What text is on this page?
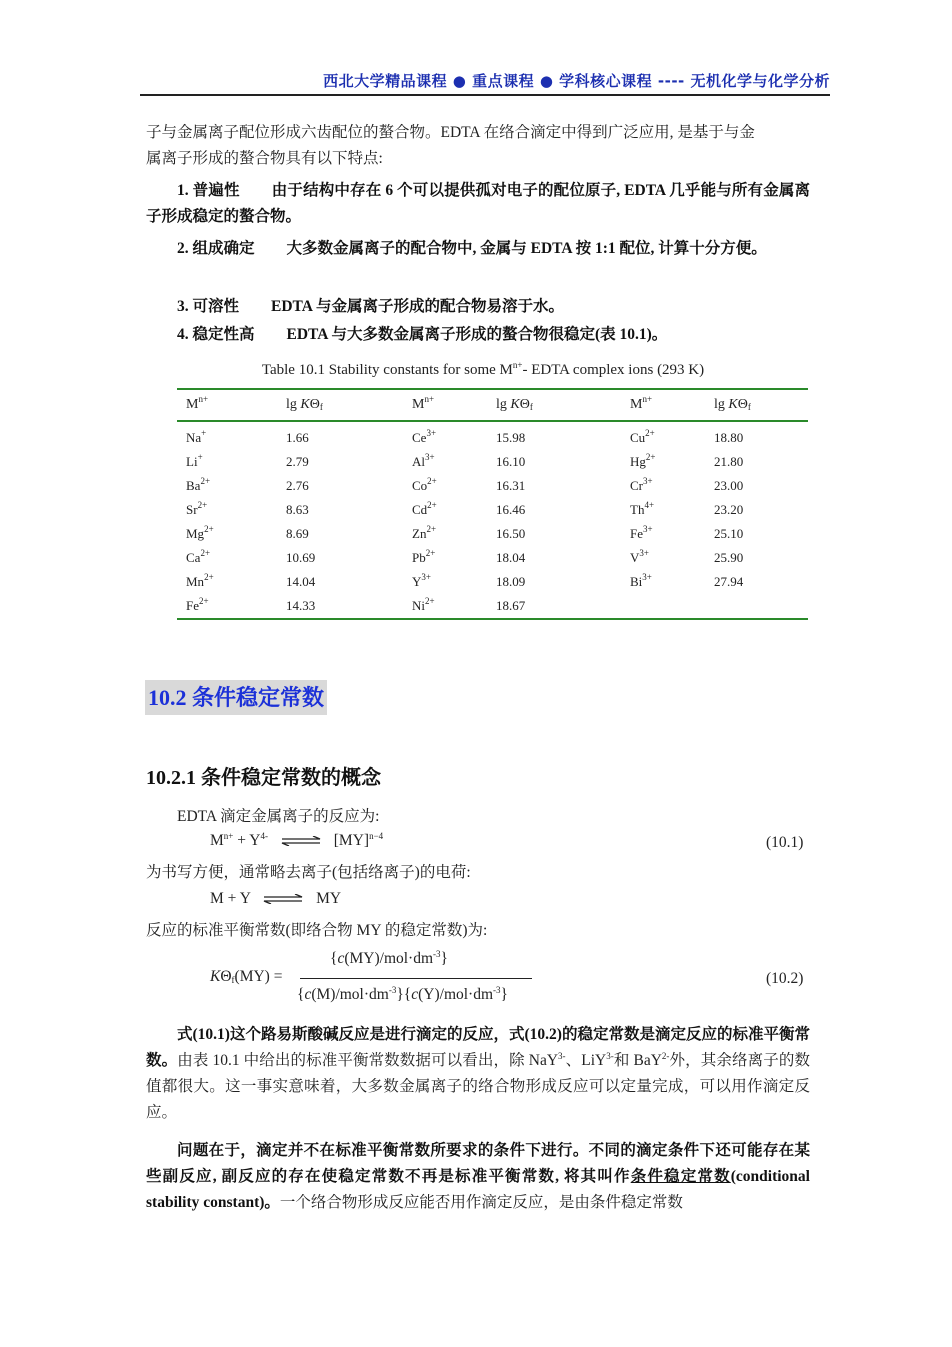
西北大学精品课程 ● 重点课程 ● 学科核心课程 ---- 无机化学与化学分析
子与金属离子配位形成六齿配位的螯合物。EDTA 在络合滴定中得到广泛应用, 是基于与金
属离子形成的螯合物具有以下特点:
1. 普遍性 由于结构中存在 6 个可以提供孤对电子的配位原子, EDTA 几乎能与所有金属离子形成稳定的螯合物。
2. 组成确定 大多数金属离子的配合物中, 金属与 EDTA 按 1:1 配位, 计算十分方便。
3. 可溶性 EDTA 与金属离子形成的配合物易溶于水。
4. 稳定性高 EDTA 与大多数金属离子形成的螯合物很稳定(表 10.1)。
Table 10.1 Stability constants for some $M^{n+}-$ EDTA complex ions (293 K)
$M^{n+}$	$\lg K\Theta_f$	$M^{n+}$	$\lg K\Theta_f$	$M^{n+}$	$\lg K\Theta_f$
Na+	1.66	$Ce^{3+}$	15.98	$Cu^{2+}$	18.80
Li+	2.79	$Al^{3+}$	16.10	$Hg^{2+}$	21.80
$Ba^{2+}$	2.76	$Co^{2+}$	16.31	$Cr^{3+}$	23.00
$Sr^{2+}$	8.63	$Cd^{2+}$	16.46	$Th^{4+}$	23.20
$Mg^{2+}$	8.69	$Zn^{2+}$	16.50	$Fe^{3+}$	25.10
$Ca^{2+}$	10.69	$Pb^{2+}$	18.04	$V^{3+}$	25.90
$Mn^{2+}$	14.04	$Y^{3+}$	18.09	$Bi^{3+}$	27.94
$Fe^{2+}$	14.33	$Ni^{2+}$	18.67		
10.2 条件稳定常数
10.2.1 条件稳定常数的概念
EDTA 滴定金属离子的反应为:
$M^{n+} + Y^{4-}$ ⇌ [MY]$^{n-4}$	(10.1)
为书写方便，通常略去离子(包括络离子)的电荷:
M + Y ⇌ MY
反应的标准平衡常数(即络合物 MY 的稳定常数)为:
$K\Theta_f(MY)$ =
$\{c(MY)/mol\cdot dm^{-3}\}$
$\{c(M)/mol\cdot dm^{-3}\}\{c(Y)/mol\cdot dm^{-3}\}$
(10.2)
式(10.1)这个路易斯酸碱反应是进行滴定的反应，式(10.2)的稳定常数是滴定反应的标准平衡常数。由表 10.1 中给出的标准平衡常数数据可以看出，除 NaY$^{3-}$、LiY$^{3-}$和 BaY$^{2-}$外，其余络离子的数值都很大。这一事实意味着，大多数金属离子的络合物形成反应可以定量完成，可以用作滴定反应。
问题在于，滴定并不在标准平衡常数所要求的条件下进行。不同的滴定条件下还可能存在某些副反应, 副反应的存在使稳定常数不再是标准平衡常数, 将其叫作条件稳定常数(conditional stability constant)。一个络合物形成反应能否用作滴定反应，是由条件稳定常数
